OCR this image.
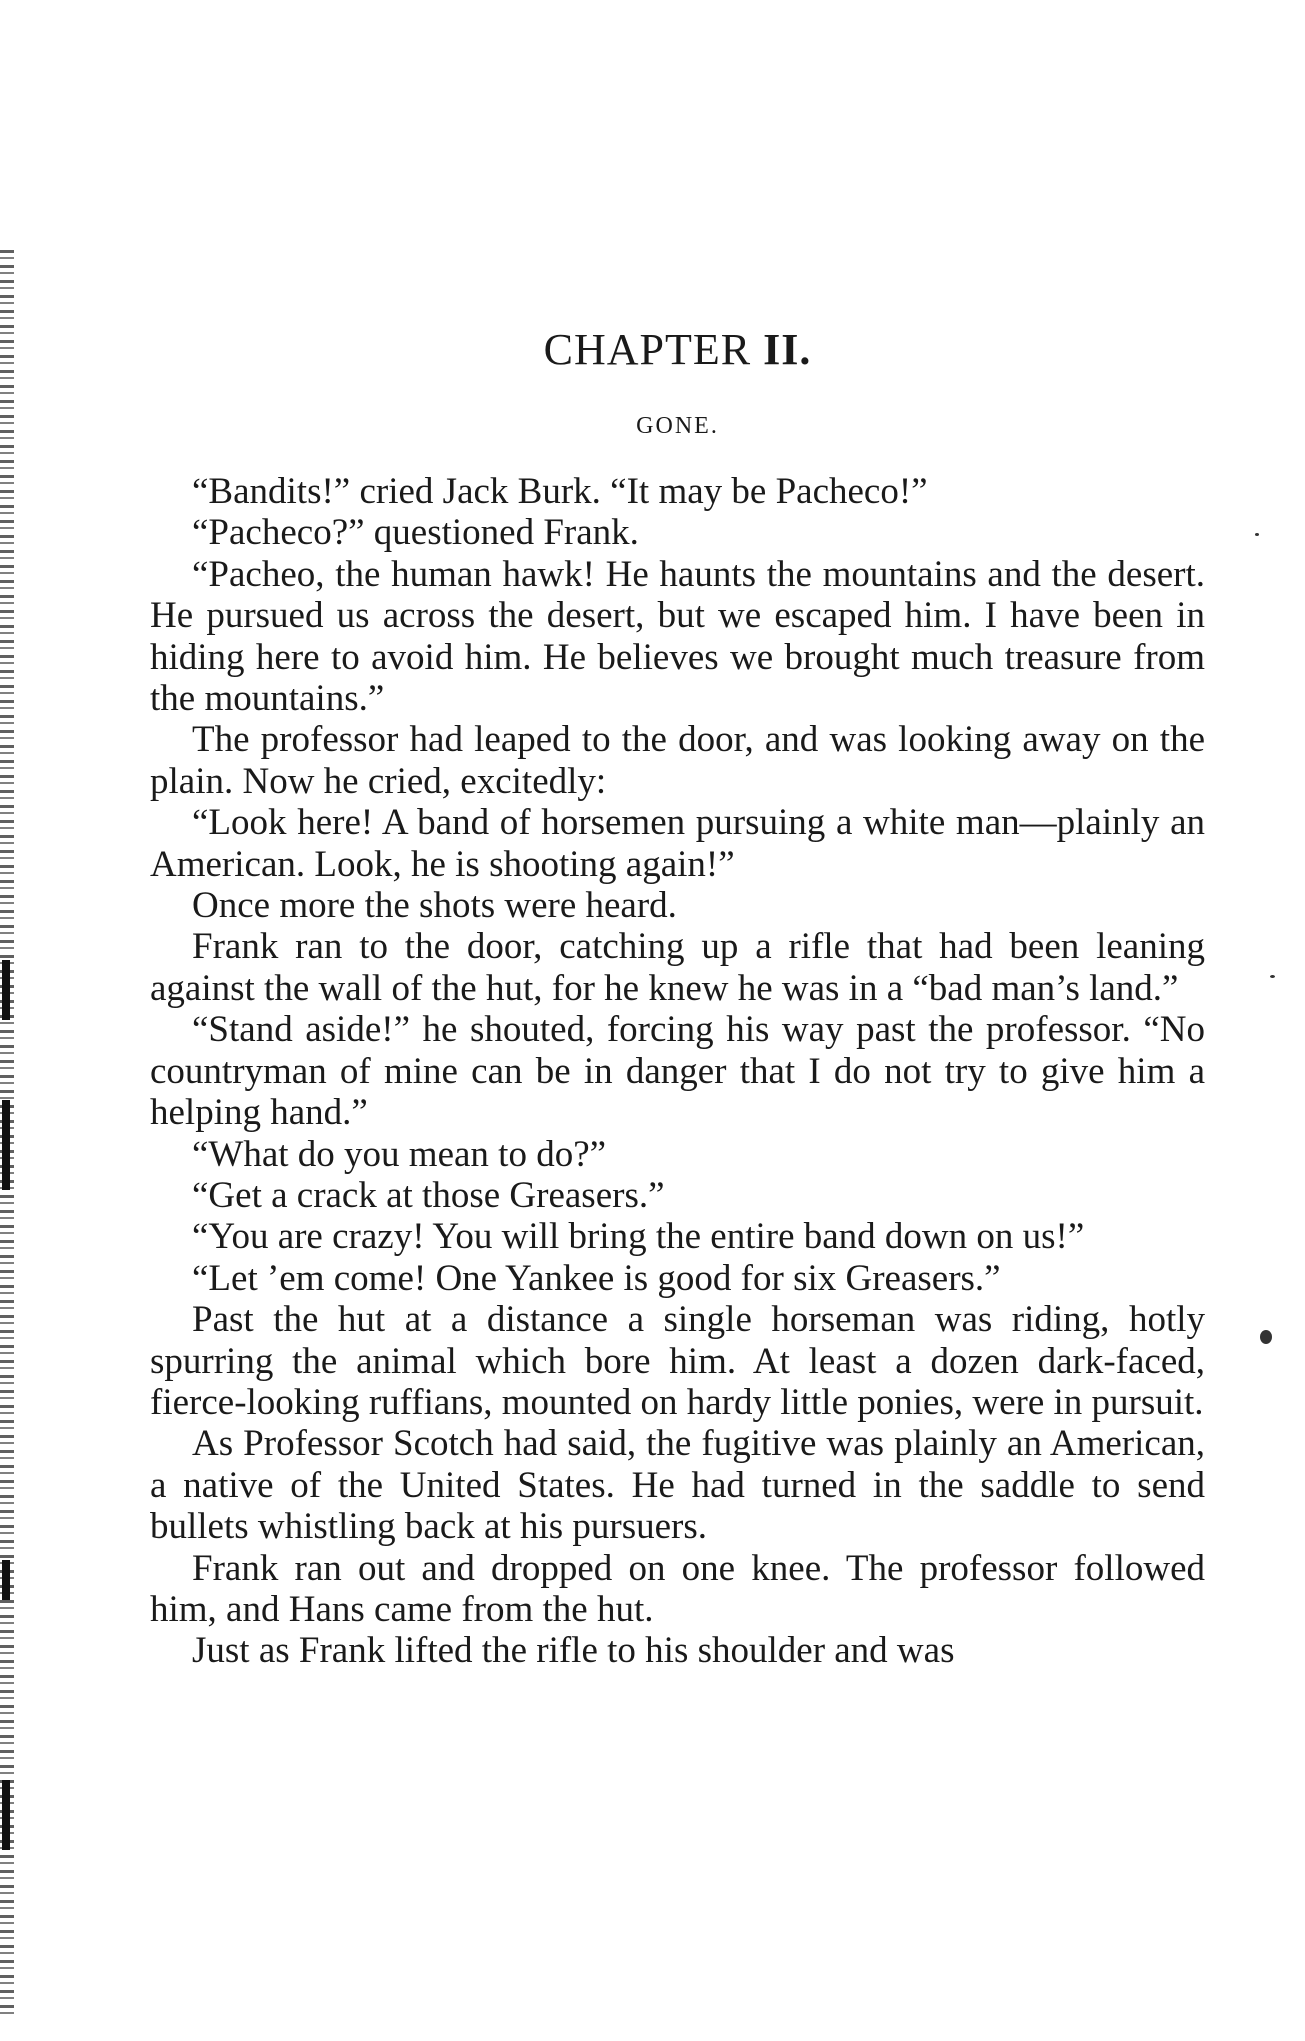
CHAPTER II.
GONE.

“Bandits!” cried Jack Burk. “It may be Pacheco!”

“Pacheco?” questioned Frank.

“Pacheo, the human hawk! He haunts the mountains and the desert. He pursued us across the desert, but we escaped him. I have been in hiding here to avoid him. He believes we brought much treasure from the mountains.”

The professor had leaped to the door, and was looking away on the plain. Now he cried, excitedly:

“Look here! A band of horsemen pursuing a white man—plainly an American. Look, he is shooting again!”

Once more the shots were heard.

Frank ran to the door, catching up a rifle that had been leaning against the wall of the hut, for he knew he was in a “bad man’s land.”

“Stand aside!” he shouted, forcing his way past the professor. “No countryman of mine can be in danger that I do not try to give him a helping hand.”

“What do you mean to do?”

“Get a crack at those Greasers.”

“You are crazy! You will bring the entire band down on us!”

“Let ’em come! One Yankee is good for six Greasers.”

Past the hut at a distance a single horseman was riding, hotly spurring the animal which bore him. At least a dozen dark-faced, fierce-looking ruffians, mounted on hardy little ponies, were in pursuit.

As Professor Scotch had said, the fugitive was plainly an American, a native of the United States. He had turned in the saddle to send bullets whistling back at his pursuers.

Frank ran out and dropped on one knee. The professor followed him, and Hans came from the hut.

Just as Frank lifted the rifle to his shoulder and was
